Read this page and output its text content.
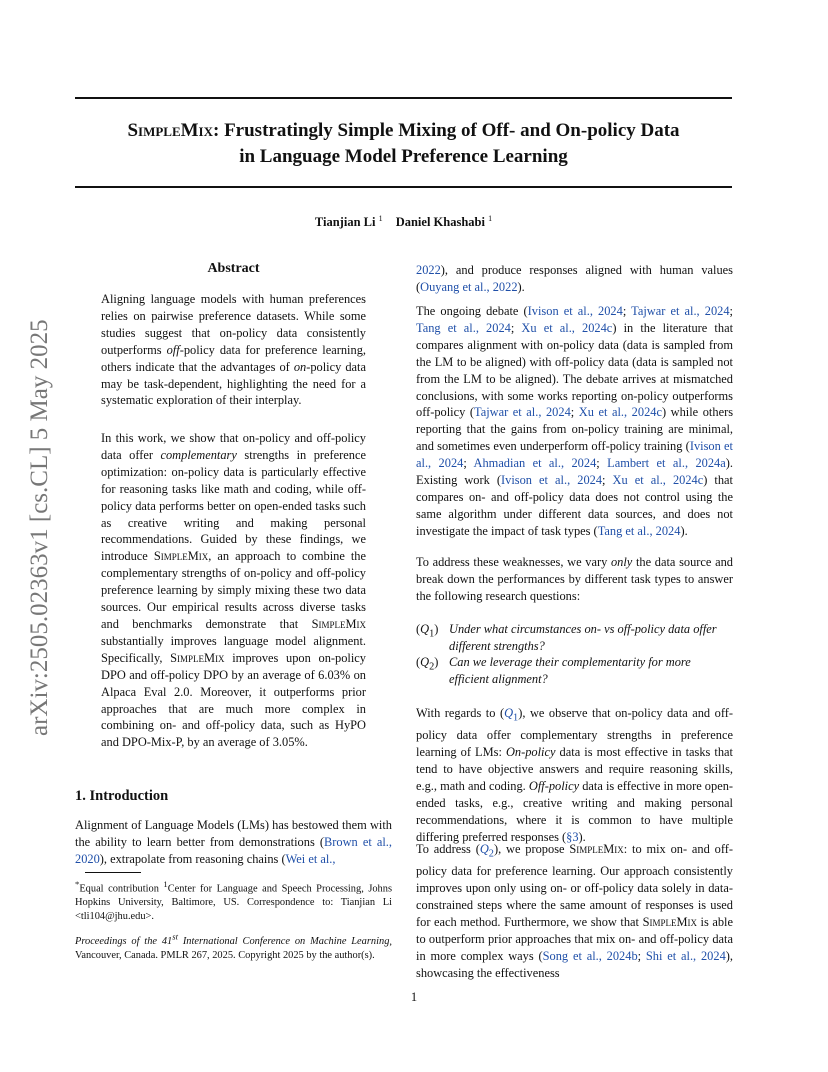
SimpleMix: Frustratingly Simple Mixing of Off- and On-policy Data
in Language Model Preference Learning
Tianjian Li $^1$ Daniel Khashabi $^1$
arXiv:2505.02363v1 [cs.CL] 5 May 2025
Abstract
Aligning language models with human preferences relies on pairwise preference datasets. While some studies suggest that on-policy data consistently outperforms off-policy data for preference learning, others indicate that the advantages of on-policy data may be task-dependent, highlighting the need for a systematic exploration of their interplay.
In this work, we show that on-policy and off-policy data offer complementary strengths in preference optimization: on-policy data is particularly effective for reasoning tasks like math and coding, while off-policy data performs better on open-ended tasks such as creative writing and making personal recommendations. Guided by these findings, we introduce SimpleMix, an approach to combine the complementary strengths of on-policy and off-policy preference learning by simply mixing these two data sources. Our empirical results across diverse tasks and benchmarks demonstrate that SimpleMix substantially improves language model alignment. Specifically, SimpleMix improves upon on-policy DPO and off-policy DPO by an average of 6.03% on Alpaca Eval 2.0. Moreover, it outperforms prior approaches that are much more complex in combining on- and off-policy data, such as HyPO and DPO-Mix-P, by an average of 3.05%.
1. Introduction

Alignment of Language Models (LMs) has bestowed them with the ability to learn better from demonstrations (Brown et al., 2020), extrapolate from reasoning chains (Wei et al.,

*Equal contribution $^1$Center for Language and Speech Processing, Johns Hopkins University, Baltimore, US. Correspondence to: Tianjian Li <tli104@jhu.edu>.
Proceedings of the 41st International Conference on Machine Learning, Vancouver, Canada. PMLR 267, 2025. Copyright 2025 by the author(s).

2022), and produce responses aligned with human values (Ouyang et al., 2022).

The ongoing debate (Ivison et al., 2024; Tajwar et al., 2024; Tang et al., 2024; Xu et al., 2024c) in the literature that compares alignment with on-policy data (data is sampled from the LM to be aligned) with off-policy data (data is sampled not from the LM to be aligned). The debate arrives at mismatched conclusions, with some works reporting on-policy outperforms off-policy (Tajwar et al., 2024; Xu et al., 2024c) while others reporting that the gains from on-policy training are minimal, and sometimes even underperform off-policy training (Ivison et al., 2024; Ahmadian et al., 2024; Lambert et al., 2024a). Existing work (Ivison et al., 2024; Xu et al., 2024c) that compares on- and off-policy data does not control using the same algorithm under different data sources, and does not investigate the impact of task types (Tang et al., 2024).

To address these weaknesses, we vary only the data source and break down the performances by different task types to answer the following research questions:

$(Q_1)$ Under what circumstances on- vs off-policy data offer different strengths?
$(Q_2)$ Can we leverage their complementarity for more efficient alignment?

With regards to $(Q_1)$, we observe that on-policy data and off-policy data offer complementary strengths in preference learning of LMs: On-policy data is most effective in tasks that tend to have objective answers and require reasoning skills, e.g., math and coding. Off-policy data is effective in more open-ended tasks, e.g., creative writing and making personal recommendations, where it is common to have multiple differing preferred responses (§3).

To address $(Q_2)$, we propose SimpleMix: to mix on- and off-policy data for preference learning. Our approach consistently improves upon only using on- or off-policy data solely in data-constrained steps where the same amount of responses is used for each method. Furthermore, we show that SimpleMix is able to outperform prior approaches that mix on- and off-policy data in more complex ways (Song et al., 2024b; Shi et al., 2024), showcasing the effectiveness

1
